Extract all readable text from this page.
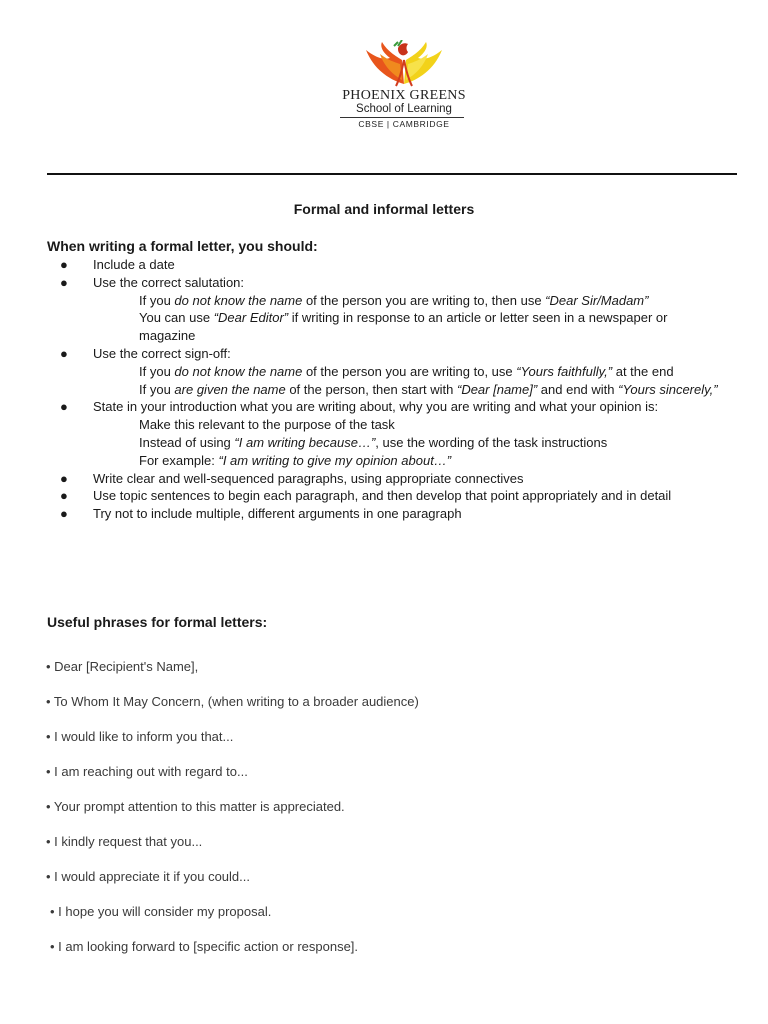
PHOENIX GREENS
School of Learning
CBSE | CAMBRIDGE
Formal and informal letters
When writing a formal letter, you should:
● Include a date
● Use the correct salutation:
If you do not know the name of the person you are writing to, then use “Dear Sir/Madam”
You can use “Dear Editor” if writing in response to an article or letter seen in a newspaper or magazine
● Use the correct sign-off:
If you do not know the name of the person you are writing to, use “Yours faithfully,” at the end
If you are given the name of the person, then start with “Dear [name]” and end with “Yours sincerely,”
● State in your introduction what you are writing about, why you are writing and what your opinion is:
Make this relevant to the purpose of the task
Instead of using “I am writing because…”, use the wording of the task instructions
For example: “I am writing to give my opinion about…”
● Write clear and well-sequenced paragraphs, using appropriate connectives
● Use topic sentences to begin each paragraph, and then develop that point appropriately and in detail
● Try not to include multiple, different arguments in one paragraph
Useful phrases for formal letters:
• Dear [Recipient's Name],
• To Whom It May Concern, (when writing to a broader audience)
• I would like to inform you that...
• I am reaching out with regard to...
• Your prompt attention to this matter is appreciated.
• I kindly request that you...
• I would appreciate it if you could...
• I hope you will consider my proposal.
• I am looking forward to [specific action or response].
